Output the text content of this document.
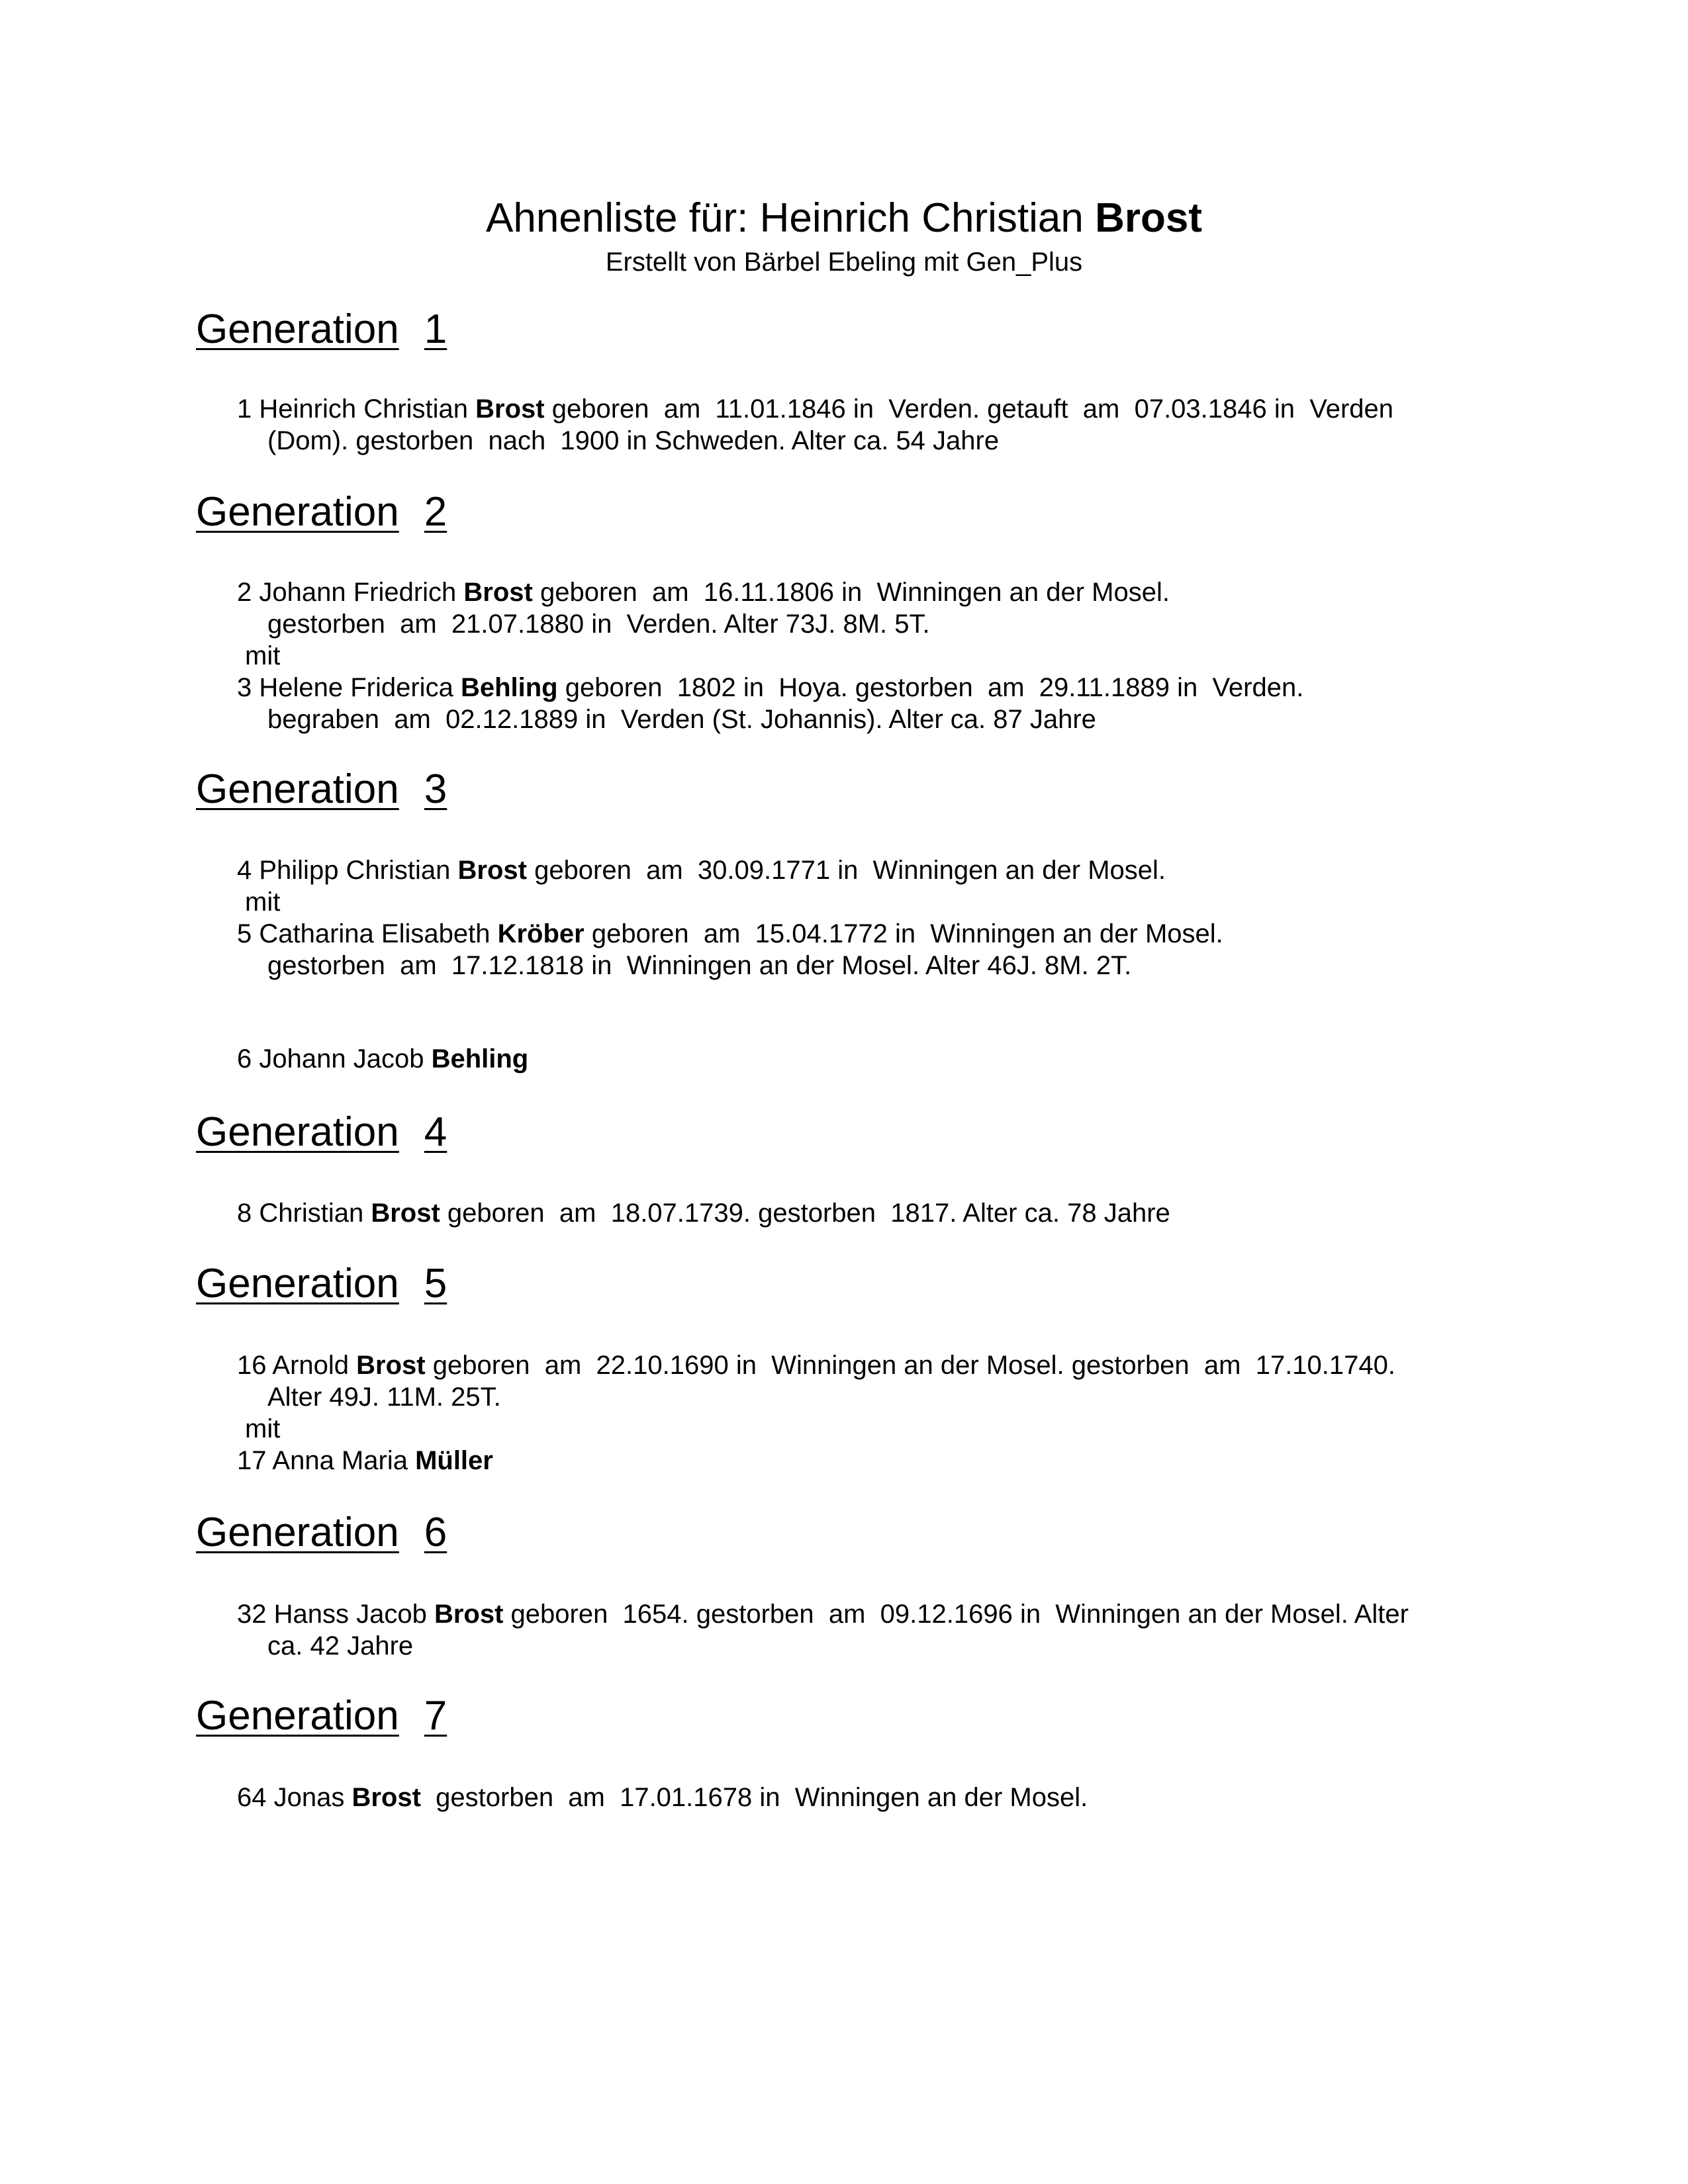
Ahnenliste für: Heinrich Christian Brost
Erstellt von Bärbel Ebeling mit Gen_Plus
Generation 1
1 Heinrich Christian Brost geboren  am  11.01.1846 in  Verden. getauft  am  07.03.1846 in  Verden
(Dom). gestorben  nach  1900 in Schweden. Alter ca. 54 Jahre
Generation 2
2 Johann Friedrich Brost geboren  am  16.11.1806 in  Winningen an der Mosel.
gestorben  am  21.07.1880 in  Verden. Alter 73J. 8M. 5T.
mit
3 Helene Friderica Behling geboren  1802 in  Hoya. gestorben  am  29.11.1889 in  Verden.
begraben  am  02.12.1889 in  Verden (St. Johannis). Alter ca. 87 Jahre
Generation 3
4 Philipp Christian Brost geboren  am  30.09.1771 in  Winningen an der Mosel.
mit
5 Catharina Elisabeth Kröber geboren  am  15.04.1772 in  Winningen an der Mosel.
gestorben  am  17.12.1818 in  Winningen an der Mosel. Alter 46J. 8M. 2T.
6 Johann Jacob Behling
Generation 4
8 Christian Brost geboren  am  18.07.1739. gestorben  1817. Alter ca. 78 Jahre
Generation 5
16 Arnold Brost geboren  am  22.10.1690 in  Winningen an der Mosel. gestorben  am  17.10.1740.
Alter 49J. 11M. 25T.
mit
17 Anna Maria Müller
Generation 6
32 Hanss Jacob Brost geboren  1654. gestorben  am  09.12.1696 in  Winningen an der Mosel. Alter
ca. 42 Jahre
Generation 7
64 Jonas Brost  gestorben  am  17.01.1678 in  Winningen an der Mosel.
